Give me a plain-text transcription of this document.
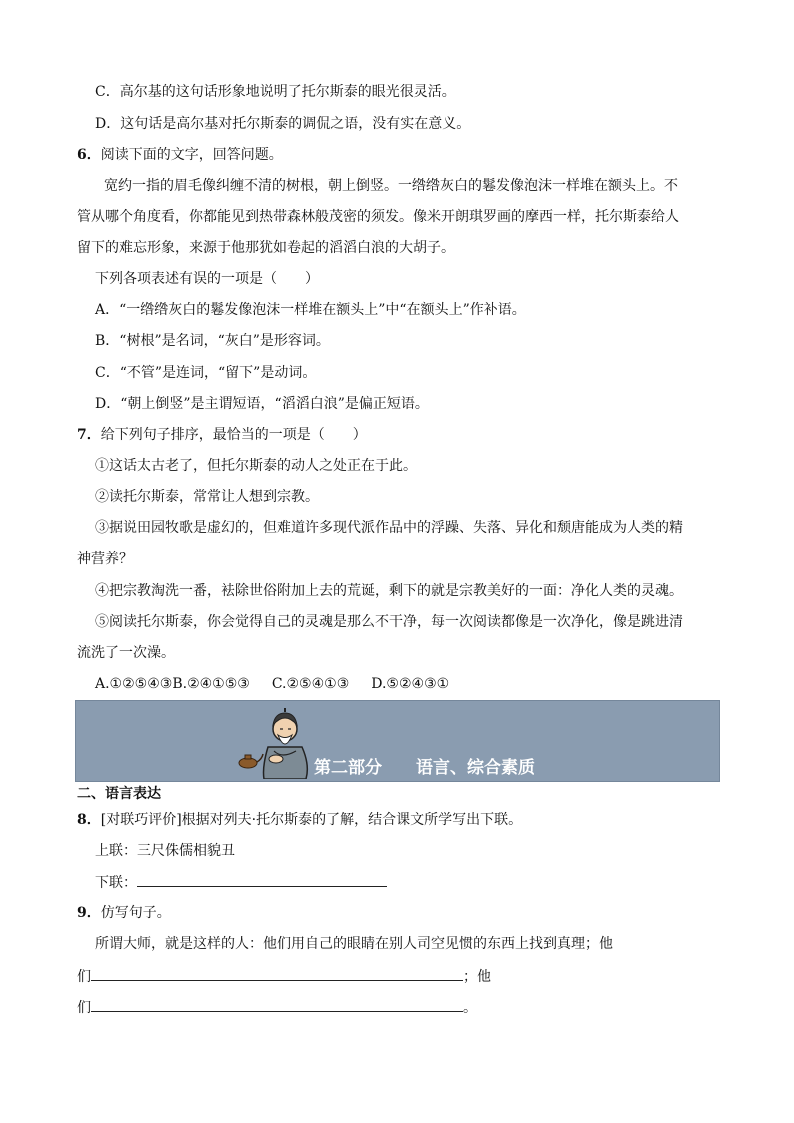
C．高尔基的这句话形象地说明了托尔斯泰的眼光很灵活。
D．这句话是高尔基对托尔斯泰的调侃之语，没有实在意义。
6．阅读下面的文字，回答问题。
宽约一指的眉毛像纠缠不清的树根，朝上倒竖。一绺绺灰白的鬈发像泡沫一样堆在额头上。不
管从哪个角度看，你都能见到热带森林般茂密的须发。像米开朗琪罗画的摩西一样，托尔斯泰给人
留下的难忘形象，来源于他那犹如卷起的滔滔白浪的大胡子。
下列各项表述有误的一项是（　　）
A．“一绺绺灰白的鬈发像泡沫一样堆在额头上”中“在额头上”作补语。
B．“树根”是名词，“灰白”是形容词。
C．“不管”是连词，“留下”是动词。
D．“朝上倒竖”是主谓短语，“滔滔白浪”是偏正短语。
7．给下列句子排序，最恰当的一项是（　　）
①这话太古老了，但托尔斯泰的动人之处正在于此。
②读托尔斯泰，常常让人想到宗教。
③据说田园牧歌是虚幻的，但难道许多现代派作品中的浮躁、失落、异化和颓唐能成为人类的精
神营养？
④把宗教淘洗一番，袪除世俗附加上去的荒诞，剩下的就是宗教美好的一面：净化人类的灵魂。
⑤阅读托尔斯泰，你会觉得自己的灵魂是那么不干净，每一次阅读都像是一次净化，像是跳进清
流洗了一次澡。
A.①②⑤④③B.②④①⑤③ C.②⑤④①③ D.⑤②④③①
第二部分 语言、综合素质
二、语言表达
8．[对联巧评价]根据对列夫·托尔斯泰的了解，结合课文所学写出下联。
上联：三尺侏儒相貌丑
下联：
9．仿写句子。
所谓大师，就是这样的人：他们用自己的眼睛在别人司空见惯的东西上找到真理；他
们	；他
们	。
